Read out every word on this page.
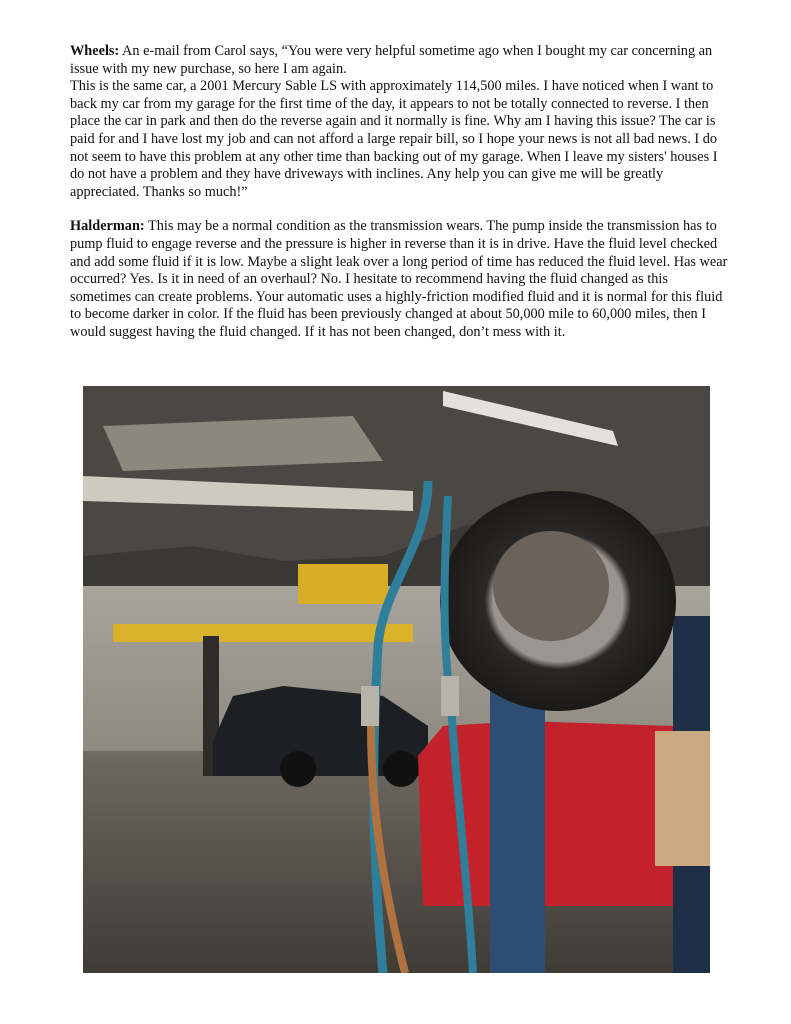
Wheels: An e-mail from Carol says, “You were very helpful sometime ago when I bought my car concerning an issue with my new purchase, so here I am again.
This is the same car, a 2001 Mercury Sable LS with approximately 114,500 miles. I have noticed when I want to back my car from my garage for the first time of the day, it appears to not be totally connected to reverse. I then place the car in park and then do the reverse again and it normally is fine. Why am I having this issue? The car is paid for and I have lost my job and can not afford a large repair bill, so I hope your news is not all bad news. I do not seem to have this problem at any other time than backing out of my garage. When I leave my sisters' houses I do not have a problem and they have driveways with inclines. Any help you can give me will be greatly appreciated. Thanks so much!”

Halderman: This may be a normal condition as the transmission wears. The pump inside the transmission has to pump fluid to engage reverse and the pressure is higher in reverse than it is in drive. Have the fluid level checked and add some fluid if it is low. Maybe a slight leak over a long period of time has reduced the fluid level. Has wear occurred? Yes. Is it in need of an overhaul? No. I hesitate to recommend having the fluid changed as this sometimes can create problems. Your automatic uses a highly-friction modified fluid and it is normal for this fluid to become darker in color. If the fluid has been previously changed at about 50,000 mile to 60,000 miles, then I would suggest having the fluid changed. If it has not been changed, don’t mess with it.
